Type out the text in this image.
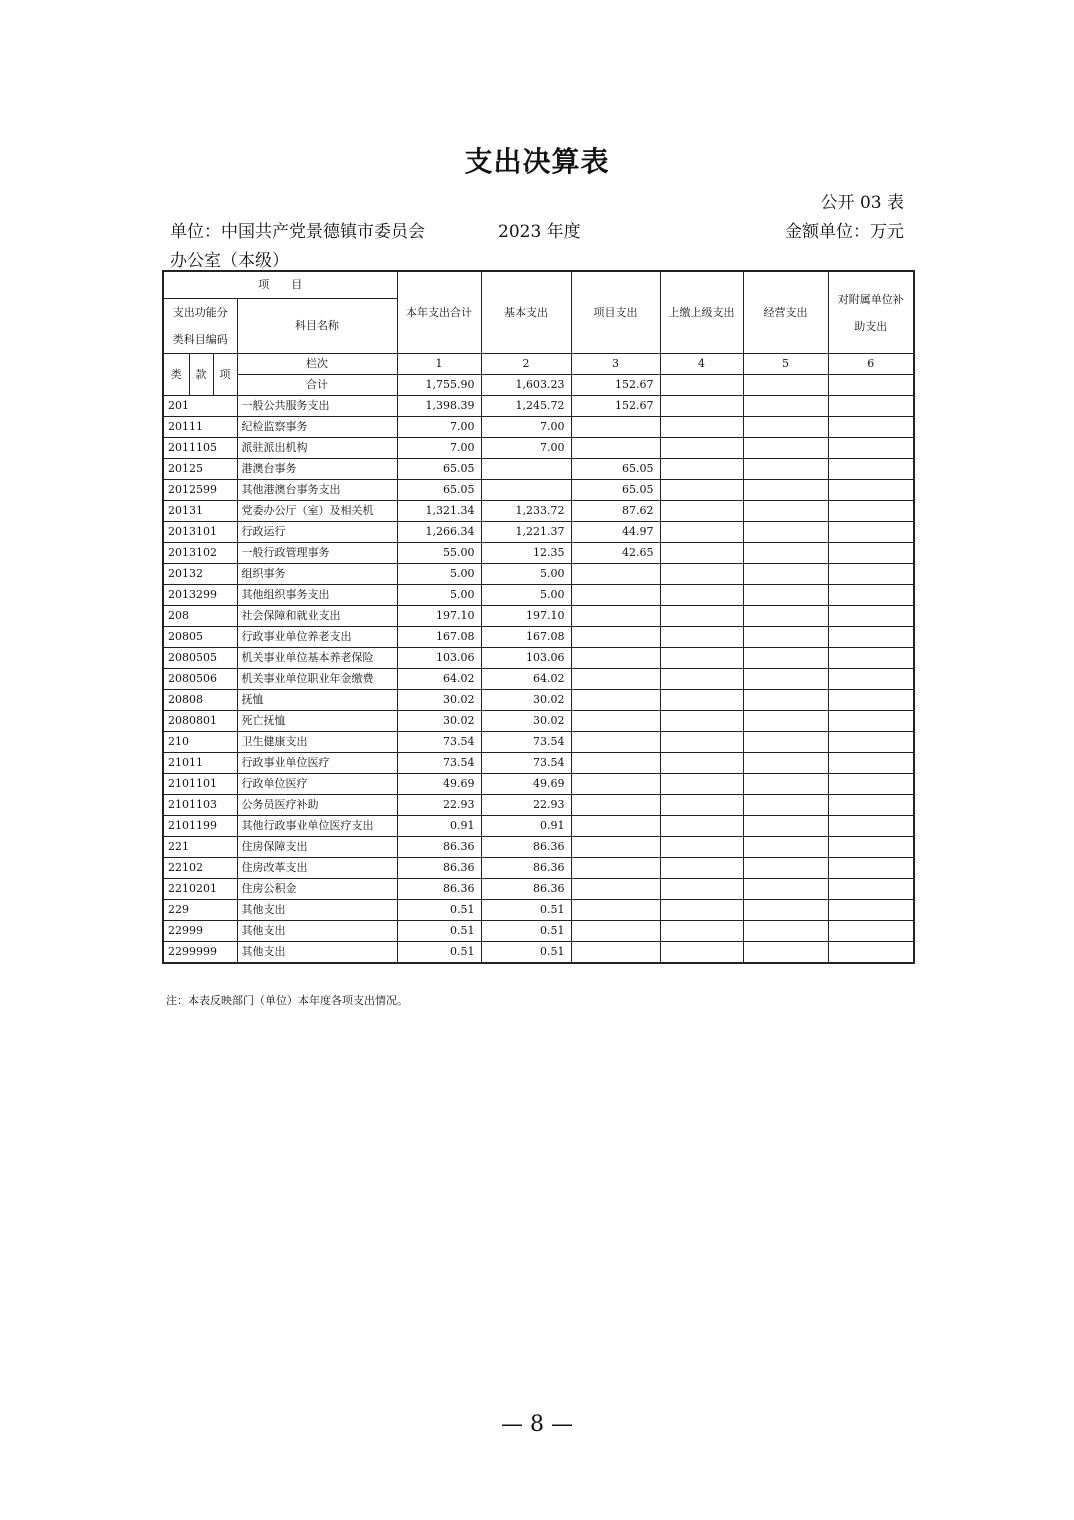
支出决算表
公开 03 表
单位：中国共产党景德镇市委员会
办公室（本级）
2023 年度	金额单位：万元
项　　目				本年支出合计	基本支出	项目支出	上缴上级支出	经营支出	对附属单位补助支出
支出功能分类科目编码			科目名称						
类	款	项	栏次	1	2	3	4	5	6
			合计	1,755.90	1,603.23	152.67			
201			一般公共服务支出	1,398.39	1,245.72	152.67			
20111			纪检监察事务	7.00	7.00				
2011105			派驻派出机构	7.00	7.00				
20125			港澳台事务	65.05		65.05			
2012599			其他港澳台事务支出	65.05		65.05			
20131			党委办公厅（室）及相关机	1,321.34	1,233.72	87.62			
2013101			行政运行	1,266.34	1,221.37	44.97			
2013102			一般行政管理事务	55.00	12.35	42.65			
20132			组织事务	5.00	5.00				
2013299			其他组织事务支出	5.00	5.00				
208			社会保障和就业支出	197.10	197.10				
20805			行政事业单位养老支出	167.08	167.08				
2080505			机关事业单位基本养老保险	103.06	103.06				
2080506			机关事业单位职业年金缴费	64.02	64.02				
20808			抚恤	30.02	30.02				
2080801			死亡抚恤	30.02	30.02				
210			卫生健康支出	73.54	73.54				
21011			行政事业单位医疗	73.54	73.54				
2101101			行政单位医疗	49.69	49.69				
2101103			公务员医疗补助	22.93	22.93				
2101199			其他行政事业单位医疗支出	0.91	0.91				
221			住房保障支出	86.36	86.36				
22102			住房改革支出	86.36	86.36				
2210201			住房公积金	86.36	86.36				
229			其他支出	0.51	0.51				
22999			其他支出	0.51	0.51				
2299999			其他支出	0.51	0.51				
注：本表反映部门（单位）本年度各项支出情况。
— 8 —
